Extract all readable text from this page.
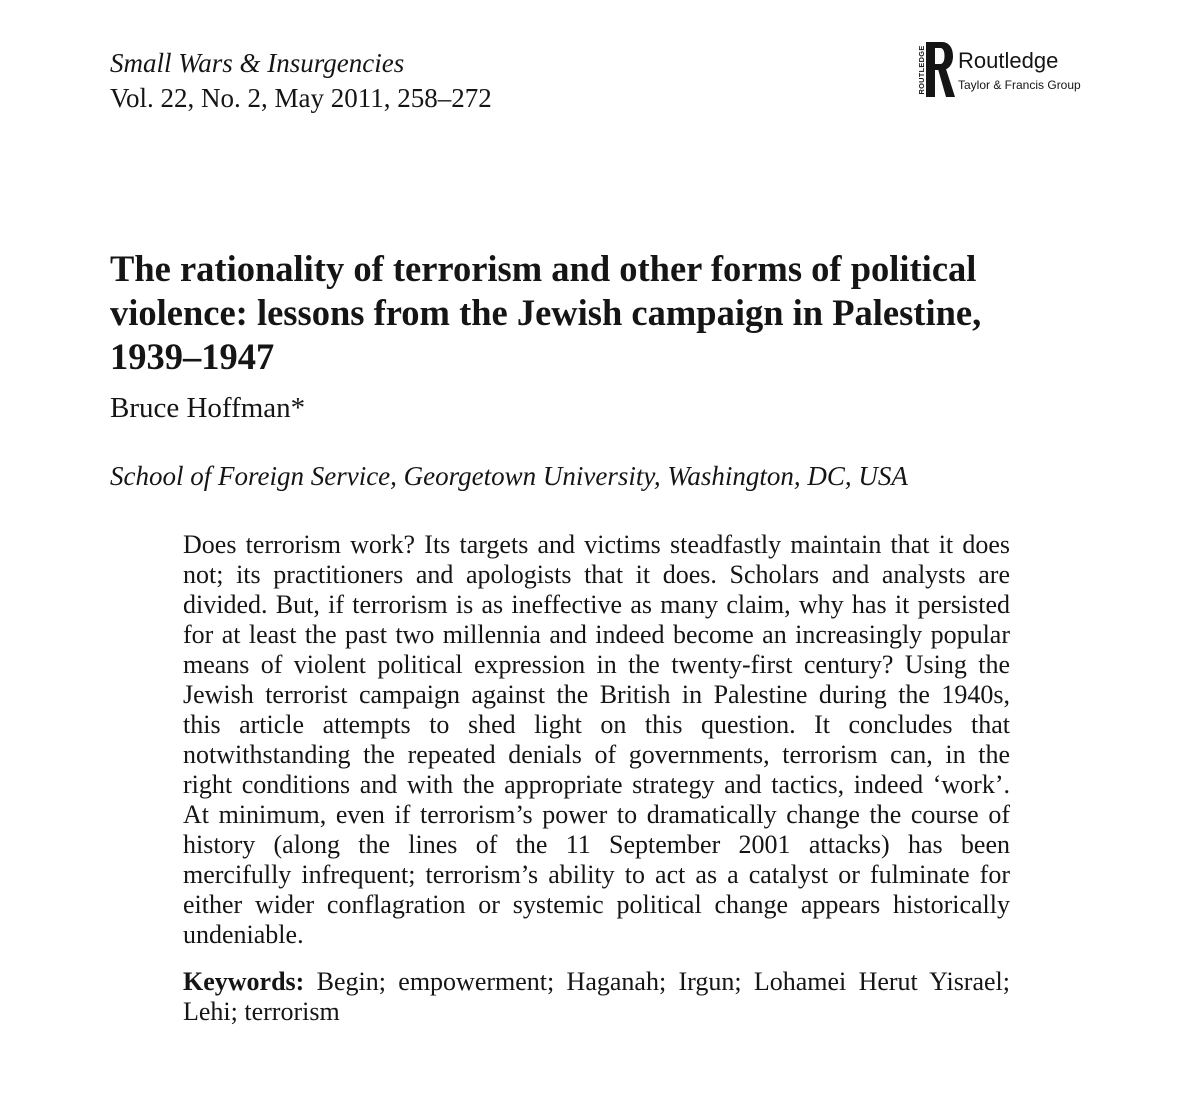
Small Wars & Insurgencies
Vol. 22, No. 2, May 2011, 258–272
ROUTLEDGE Routledge
Taylor & Francis Group
The rationality of terrorism and other forms of political
violence: lessons from the Jewish campaign in Palestine,
1939–1947
Bruce Hoffman*
School of Foreign Service, Georgetown University, Washington, DC, USA
Does terrorism work? Its targets and victims steadfastly maintain that it does
not; its practitioners and apologists that it does. Scholars and analysts are
divided. But, if terrorism is as ineffective as many claim, why has it persisted
for at least the past two millennia and indeed become an increasingly popular
means of violent political expression in the twenty-first century? Using the
Jewish terrorist campaign against the British in Palestine during the 1940s,
this article attempts to shed light on this question. It concludes that
notwithstanding the repeated denials of governments, terrorism can, in the
right conditions and with the appropriate strategy and tactics, indeed ‘work’.
At minimum, even if terrorism’s power to dramatically change the course of
history (along the lines of the 11 September 2001 attacks) has been
mercifully infrequent; terrorism’s ability to act as a catalyst or fulminate for
either wider conflagration or systemic political change appears historically
undeniable.
Keywords: Begin; empowerment; Haganah; Irgun; Lohamei Herut Yisrael;
Lehi; terrorism
